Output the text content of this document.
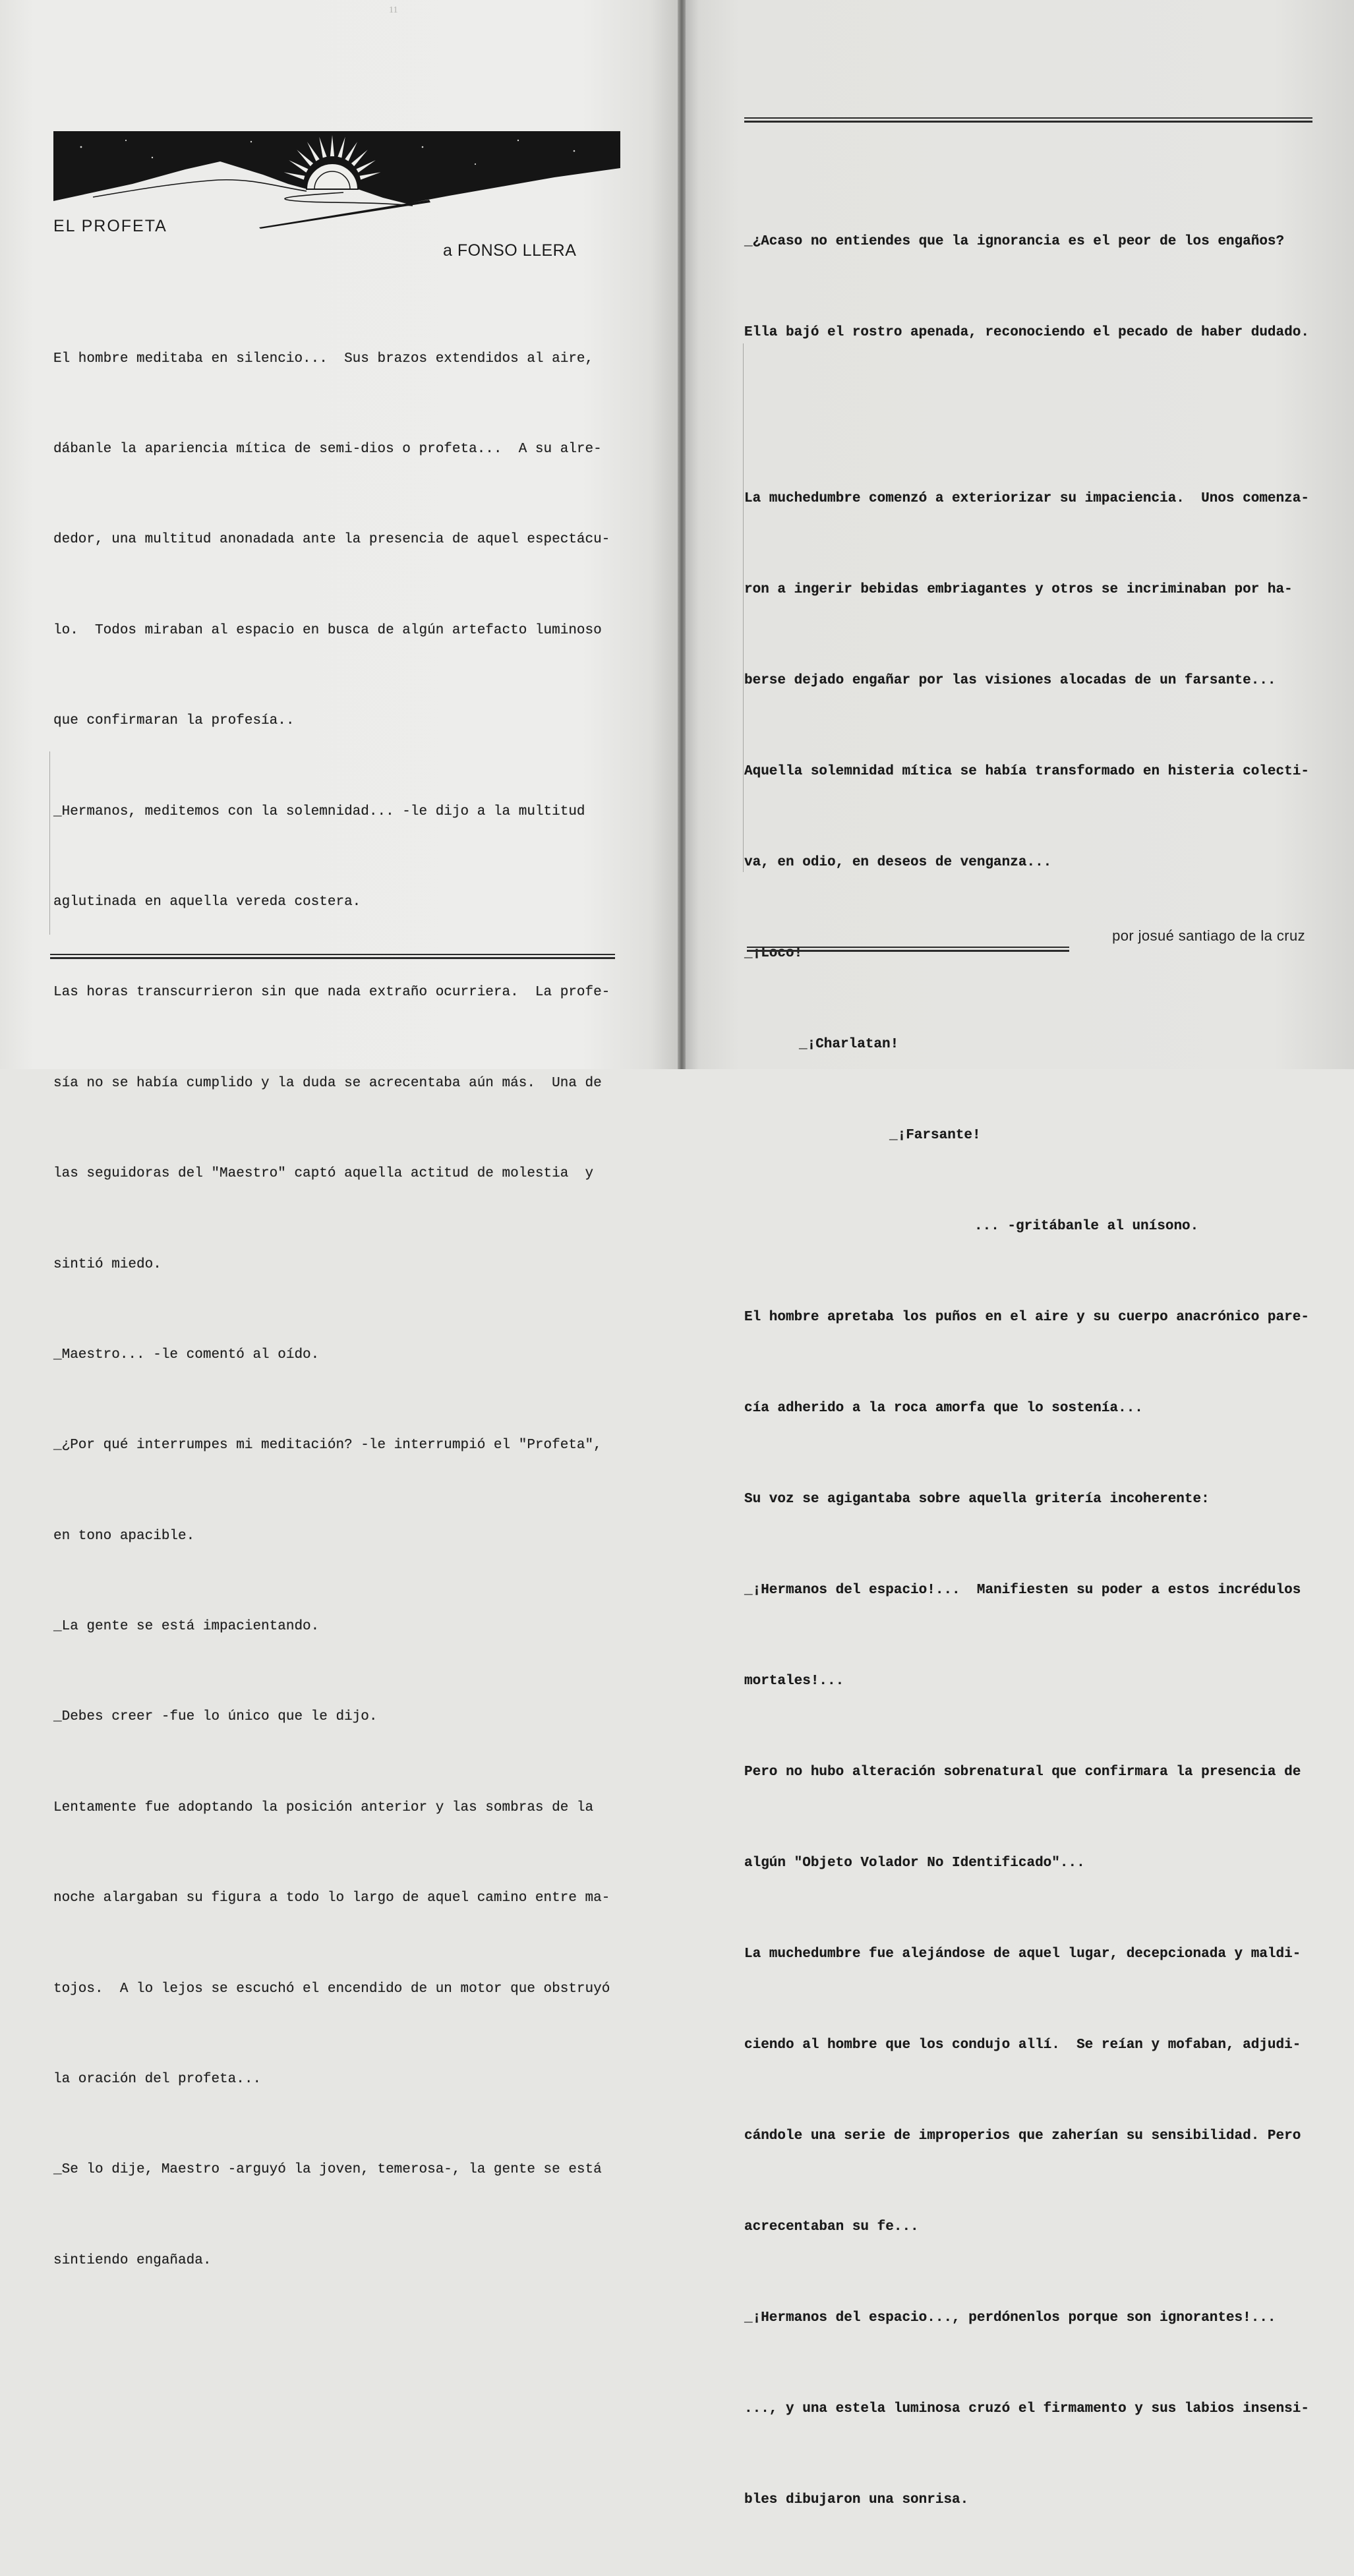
11
EL PROFETA
a FONSO LLERA

El hombre meditaba en silencio...  Sus brazos extendidos al aire,

dábanle la apariencia mítica de semi-dios o profeta...  A su alre-

dedor, una multitud anonadada ante la presencia de aquel espectácu-

lo.  Todos miraban al espacio en busca de algún artefacto luminoso

que confirmaran la profesía..

_Hermanos, meditemos con la solemnidad... -le dijo a la multitud

aglutinada en aquella vereda costera.

Las horas transcurrieron sin que nada extraño ocurriera.  La profe-

sía no se había cumplido y la duda se acrecentaba aún más.  Una de

las seguidoras del "Maestro" captó aquella actitud de molestia  y

sintió miedo.

_Maestro... -le comentó al oído.

_¿Por qué interrumpes mi meditación? -le interrumpió el "Profeta",

en tono apacible.

_La gente se está impacientando.

_Debes creer -fue lo único que le dijo.

Lentamente fue adoptando la posición anterior y las sombras de la

noche alargaban su figura a todo lo largo de aquel camino entre ma-

tojos.  A lo lejos se escuchó el encendido de un motor que obstruyó

la oración del profeta...

_Se lo dije, Maestro -arguyó la joven, temerosa-, la gente se está

sintiendo engañada.

_¿Acaso no entiendes que la ignorancia es el peor de los engaños?

Ella bajó el rostro apenada, reconociendo el pecado de haber dudado.

La muchedumbre comenzó a exteriorizar su impaciencia.  Unos comenza-

ron a ingerir bebidas embriagantes y otros se incriminaban por ha-

berse dejado engañar por las visiones alocadas de un farsante...

Aquella solemnidad mítica se había transformado en histeria colecti-

va, en odio, en deseos de venganza...

_¡Loco!

_¡Charlatan!

_¡Farsante!

... -gritábanle al unísono.

El hombre apretaba los puños en el aire y su cuerpo anacrónico pare-

cía adherido a la roca amorfa que lo sostenía...

Su voz se agigantaba sobre aquella gritería incoherente:

_¡Hermanos del espacio!...  Manifiesten su poder a estos incrédulos

mortales!...

Pero no hubo alteración sobrenatural que confirmara la presencia de

algún "Objeto Volador No Identificado"...

La muchedumbre fue alejándose de aquel lugar, decepcionada y maldi-

ciendo al hombre que los condujo allí.  Se reían y mofaban, adjudi-

cándole una serie de improperios que zaherían su sensibilidad. Pero

acrecentaban su fe...

_¡Hermanos del espacio..., perdónenlos porque son ignorantes!...

..., y una estela luminosa cruzó el firmamento y sus labios insensi-

bles dibujaron una sonrisa.

por josué santiago de la cruz
